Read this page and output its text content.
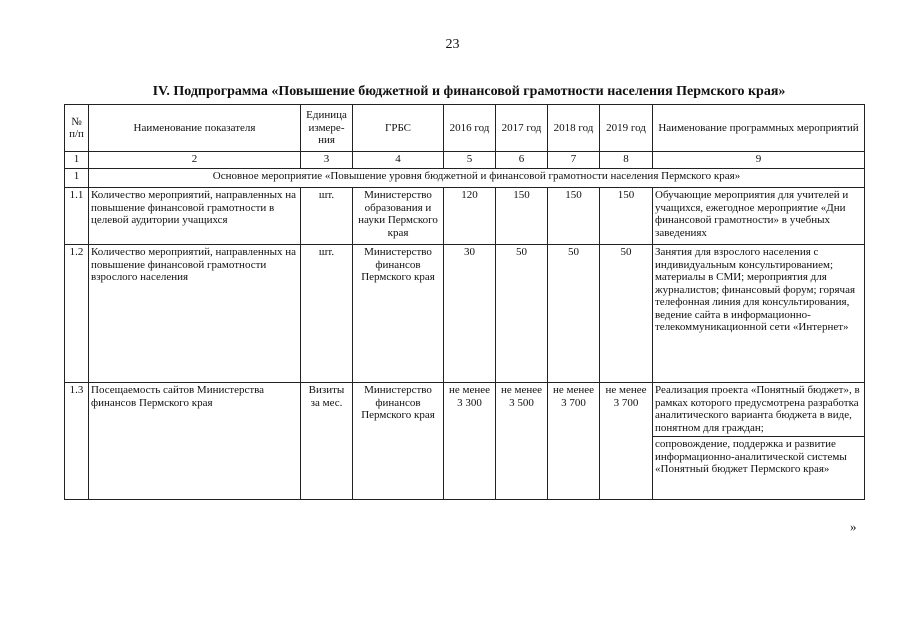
23
IV. Подпрограмма «Повышение бюджетной и финансовой грамотности населения Пермского края»
№ п/п	Наименование показателя	Единица измере-ния	ГРБС	2016 год	2017 год	2018 год	2019 год	Наименование программных мероприятий
1	2	3	4	5	6	7	8	9
1	Основное мероприятие «Повышение уровня бюджетной и финансовой грамотности населения Пермского края»							
1.1	Количество мероприятий, направленных на повышение финансовой грамотности в целевой аудитории учащихся	шт.	Министерство образования и науки Пермского края	120	150	150	150	Обучающие мероприятия для учителей и учащихся, ежегодное мероприятие «Дни финансовой грамотности» в учебных заведениях
1.2	Количество мероприятий, направленных на повышение финансовой грамотности взрослого населения	шт.	Министерство финансов Пермского края	30	50	50	50	Занятия для взрослого населения с индивидуальным консультированием; материалы в СМИ; мероприятия для журналистов; финансовый форум; горячая телефонная линия для консультирования, ведение сайта в информационно-телекоммуникационной сети «Интернет»
1.3	Посещаемость сайтов Министерства финансов Пермского края	Визиты за мес.	Министерство финансов Пермского края	не менее 3 300	не менее 3 500	не менее 3 700	не менее 3 700	Реализация проекта «Понятный бюджет», в рамках которого предусмотрена разработка аналитического варианта бюджета в виде, понятном для граждан;
сопровождение, поддержка и развитие информационно-аналитической системы «Понятный бюджет Пермского края»
»
